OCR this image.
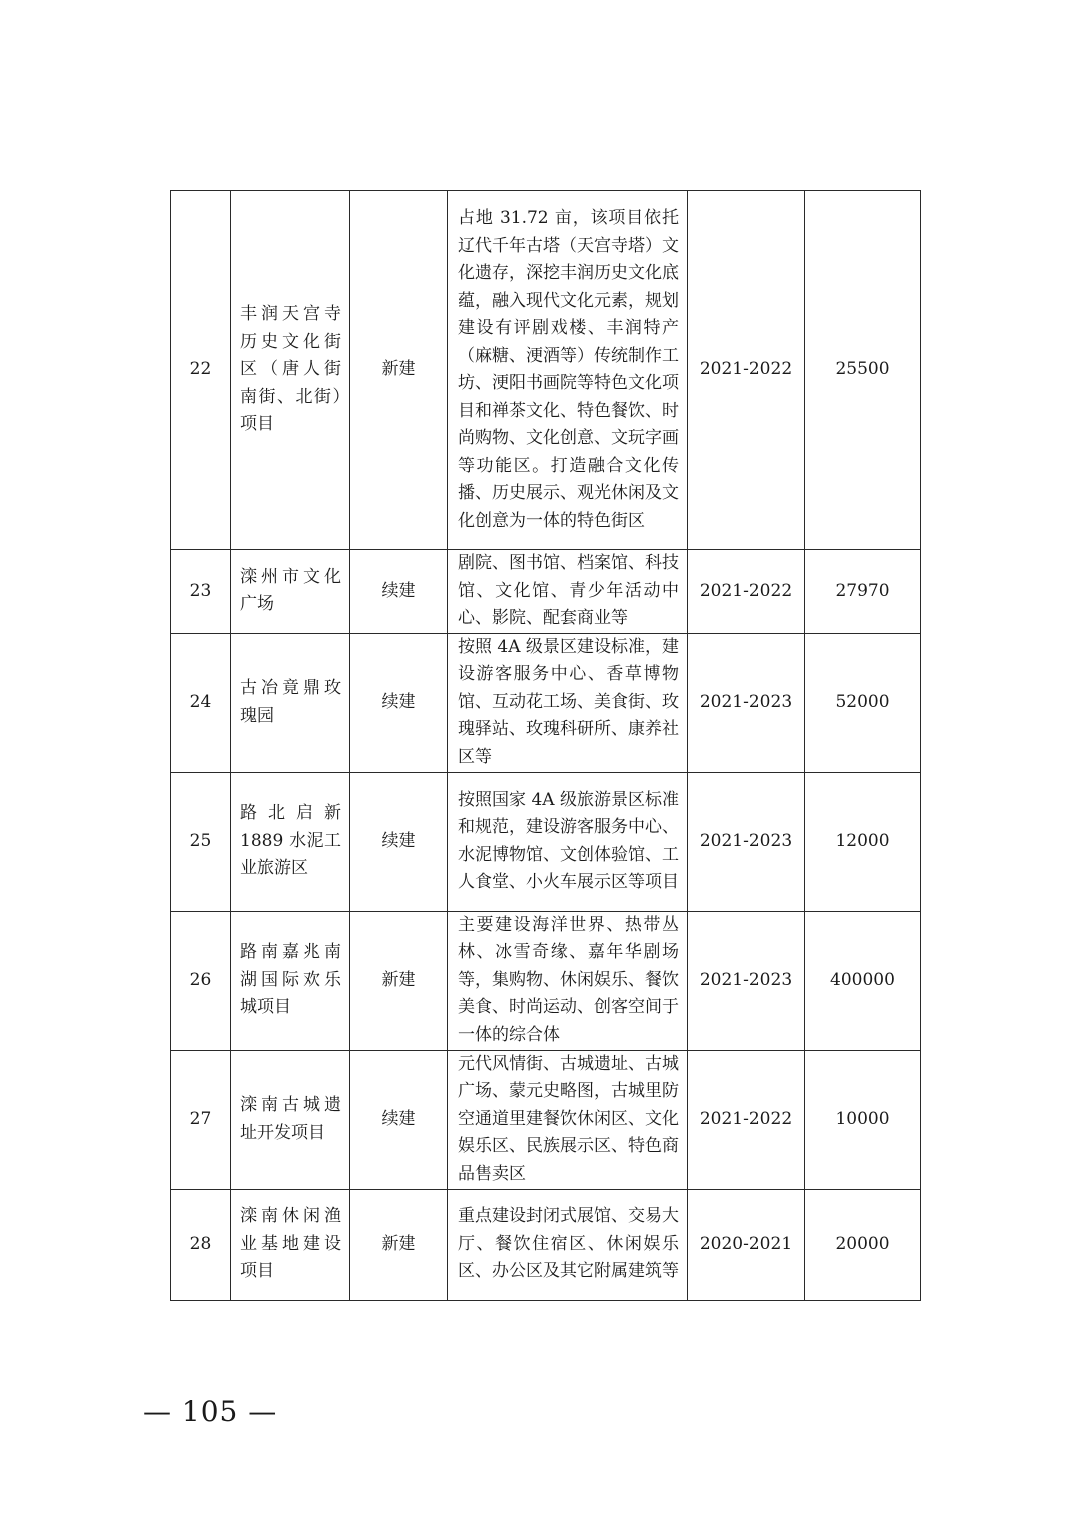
22	丰润天宫寺历史文化街区（唐人街南街、北街）项目	新建	占地 31.72 亩，该项目依托辽代千年古塔（天宫寺塔）文化遗存，深挖丰润历史文化底蕴，融入现代文化元素，规划建设有评剧戏楼、丰润特产（麻糖、浭酒等）传统制作工坊、浭阳书画院等特色文化项目和禅茶文化、特色餐饮、时尚购物、文化创意、文玩字画等功能区。打造融合文化传播、历史展示、观光休闲及文化创意为一体的特色街区	2021-2022	25500
23	滦州市文化广场	续建	剧院、图书馆、档案馆、科技馆、文化馆、青少年活动中心、影院、配套商业等	2021-2022	27970
24	古冶竟鼎玫瑰园	续建	按照 4A 级景区建设标准，建设游客服务中心、香草博物馆、互动花工场、美食街、玫瑰驿站、玫瑰科研所、康养社区等	2021-2023	52000
25	路北启新 1889 水泥工业旅游区	续建	按照国家 4A 级旅游景区标准和规范，建设游客服务中心、水泥博物馆、文创体验馆、工人食堂、小火车展示区等项目	2021-2023	12000
26	路南嘉兆南湖国际欢乐城项目	新建	主要建设海洋世界、热带丛林、冰雪奇缘、嘉年华剧场等，集购物、休闲娱乐、餐饮美食、时尚运动、创客空间于一体的综合体	2021-2023	400000
27	滦南古城遗址开发项目	续建	元代风情街、古城遗址、古城广场、蒙元史略图，古城里防空通道里建餐饮休闲区、文化娱乐区、民族展示区、特色商品售卖区	2021-2022	10000
28	滦南休闲渔业基地建设项目	新建	重点建设封闭式展馆、交易大厅、餐饮住宿区、休闲娱乐区、办公区及其它附属建筑等	2020-2021	20000
— 105 —
